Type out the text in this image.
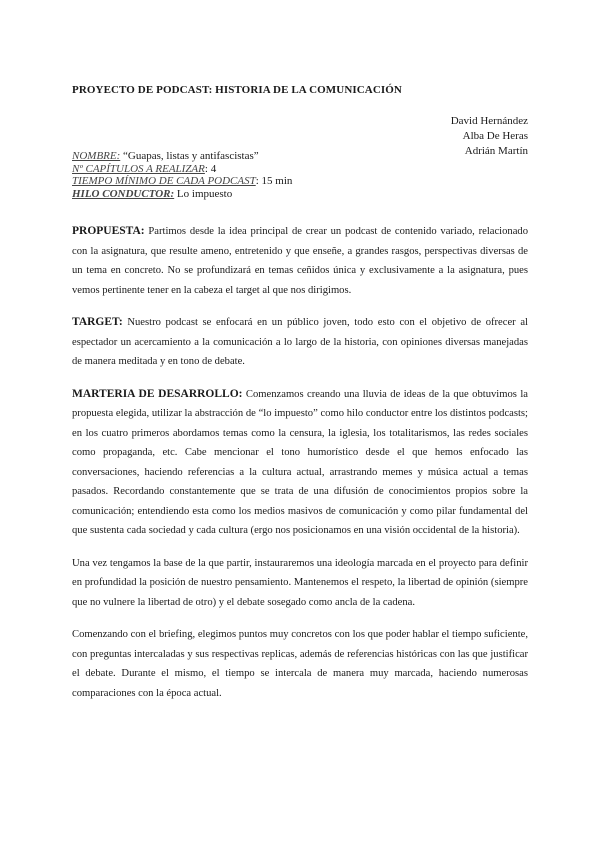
PROYECTO DE PODCAST: HISTORIA DE LA COMUNICACIÓN
David Hernández
Alba De Heras
Adrián Martín
NOMBRE: “Guapas, listas y antifascistas”
Nº CAPÍTULOS A REALIZAR: 4
TIEMPO MÍNIMO DE CADA PODCAST: 15 min
HILO CONDUCTOR: Lo impuesto

PROPUESTA: Partimos desde la idea principal de crear un podcast de contenido variado, relacionado con la asignatura, que resulte ameno, entretenido y que enseñe, a grandes rasgos, perspectivas diversas de un tema en concreto. No se profundizará en temas ceñidos única y exclusivamente a la asignatura, pues vemos pertinente tener en la cabeza el target al que nos dirigimos.

TARGET: Nuestro podcast se enfocará en un público joven, todo esto con el objetivo de ofrecer al espectador un acercamiento a la comunicación a lo largo de la historia, con opiniones diversas manejadas de manera meditada y en tono de debate.

MARTERIA DE DESARROLLO: Comenzamos creando una lluvia de ideas de la que obtuvimos la propuesta elegida, utilizar la abstracción de “lo impuesto” como hilo conductor entre los distintos podcasts; en los cuatro primeros abordamos temas como la censura, la iglesia, los totalitarismos, las redes sociales como propaganda, etc. Cabe mencionar el tono humorístico desde el que hemos enfocado las conversaciones, haciendo referencias a la cultura actual, arrastrando memes y música actual a temas pasados. Recordando constantemente que se trata de una difusión de conocimientos propios sobre la comunicación; entendiendo esta como los medios masivos de comunicación y como pilar fundamental del que sustenta cada sociedad y cada cultura (ergo nos posicionamos en una visión occidental de la historia).

Una vez tengamos la base de la que partir, instauraremos una ideología marcada en el proyecto para definir en profundidad la posición de nuestro pensamiento. Mantenemos el respeto, la libertad de opinión (siempre que no vulnere la libertad de otro) y el debate sosegado como ancla de la cadena.

Comenzando con el briefing, elegimos puntos muy concretos con los que poder hablar el tiempo suficiente, con preguntas intercaladas y sus respectivas replicas, además de referencias históricas con las que justificar el debate. Durante el mismo, el tiempo se intercala de manera muy marcada, haciendo numerosas comparaciones con la época actual.
